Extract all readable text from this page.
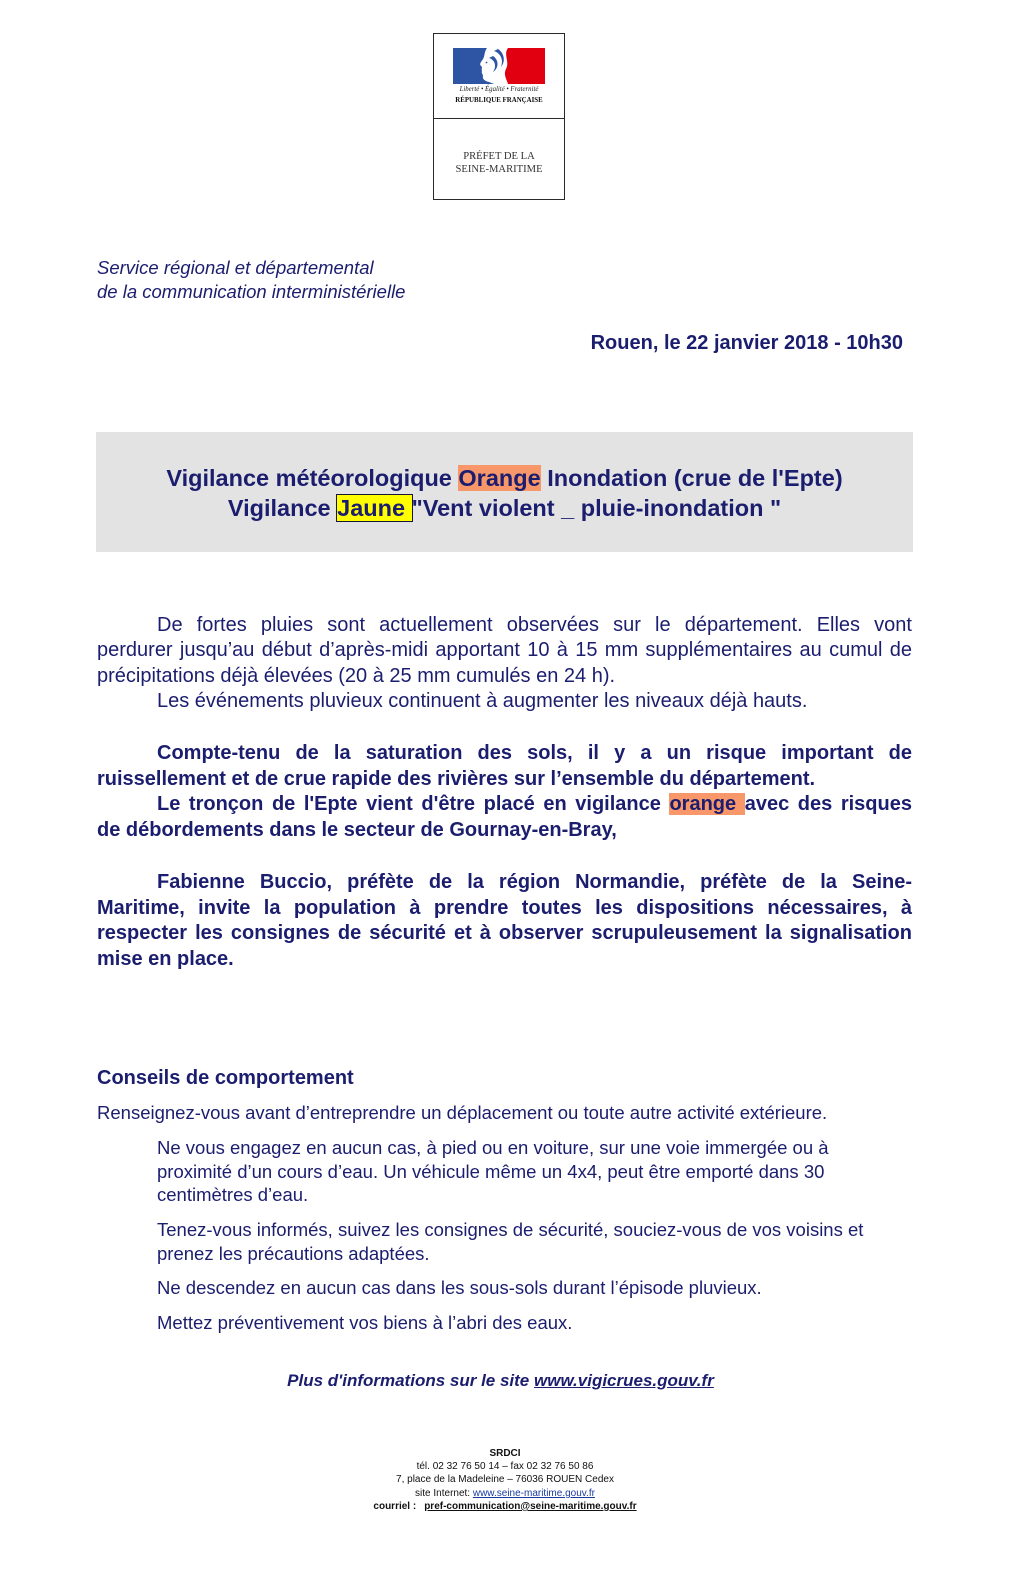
Liberté • Égalité • Fraternité
RÉPUBLIQUE FRANÇAISE
PRÉFET DE LA
SEINE-MARITIME
Service régional et départemental
de la communication interministérielle
Rouen, le 22 janvier 2018 - 10h30
Vigilance météorologique Orange Inondation (crue de l'Epte)
Vigilance Jaune "Vent violent _ pluie-inondation "
De fortes pluies sont actuellement observées sur le département. Elles vont
perdurer jusqu’au début d’après-midi apportant 10 à 15 mm supplémentaires au cumul de
précipitations déjà élevées (20 à 25 mm cumulés en 24 h).
Les événements pluvieux continuent à augmenter les niveaux déjà hauts.
Compte-tenu de la saturation des sols, il y a un risque important de
ruissellement et de crue rapide des rivières sur l’ensemble du département.
Le tronçon de l'Epte vient d'être placé en vigilance orange avec des risques
de débordements dans le secteur de Gournay-en-Bray,
Fabienne Buccio, préfète de la région Normandie, préfète de la Seine-
Maritime, invite la population à prendre toutes les dispositions nécessaires, à
respecter les consignes de sécurité et à observer scrupuleusement la signalisation
mise en place.
Conseils de comportement
Renseignez-vous avant d’entreprendre un déplacement ou toute autre activité extérieure.
Ne vous engagez en aucun cas, à pied ou en voiture, sur une voie immergée ou à
proximité d’un cours d’eau. Un véhicule même un 4x4, peut être emporté dans 30
centimètres d’eau.
Tenez-vous informés, suivez les consignes de sécurité, souciez-vous de vos voisins et
prenez les précautions adaptées.
Ne descendez en aucun cas dans les sous-sols durant l’épisode pluvieux.
Mettez préventivement vos biens à l’abri des eaux.
Plus d'informations sur le site www.vigicrues.gouv.fr
SRDCI
tél. 02 32 76 50 14 – fax 02 32 76 50 86
7, place de la Madeleine – 76036 ROUEN Cedex
site Internet: www.seine-maritime.gouv.fr
courriel : pref-communication@seine-maritime.gouv.fr
